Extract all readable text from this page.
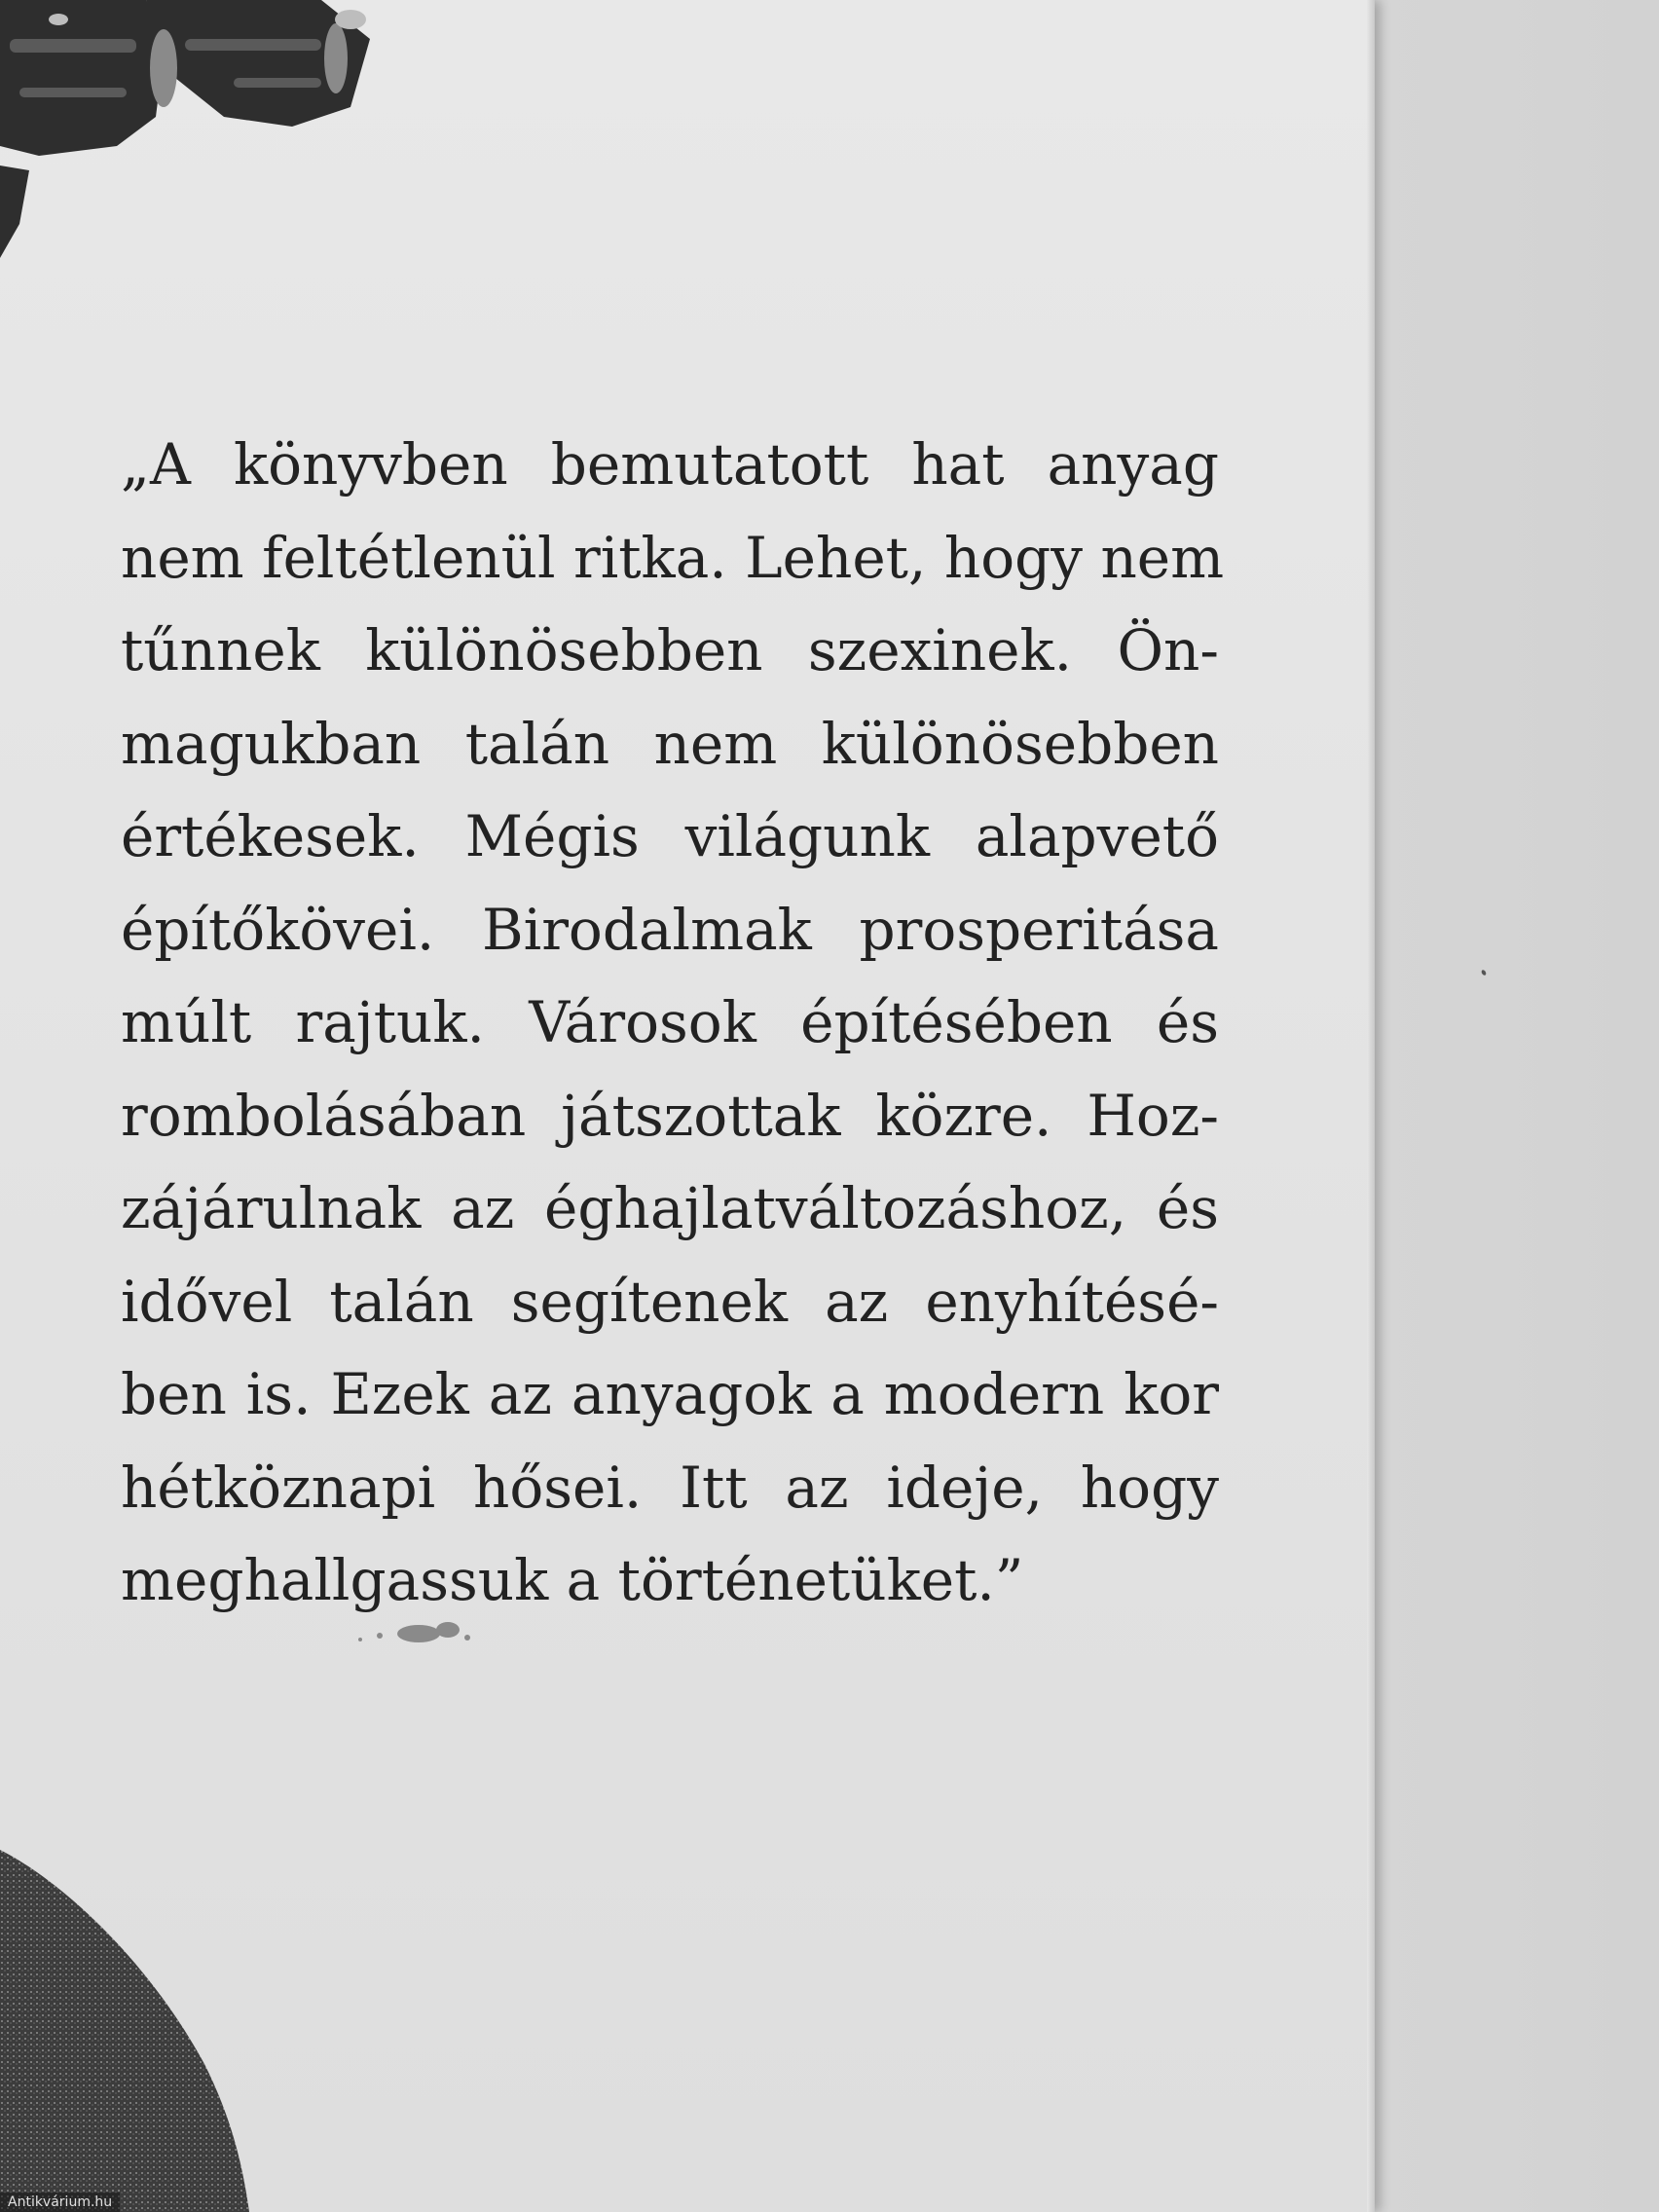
„A könyvben bemutatott hat anyag
nem feltétlenül ritka. Lehet, hogy nem
tűnnek különösebben szexinek. Ön-
magukban talán nem különösebben
értékesek. Mégis világunk alapvető
építőkövei. Birodalmak prosperitása
múlt rajtuk. Városok építésében és
rombolásában játszottak közre. Hoz-
zájárulnak az éghajlatváltozáshoz, és
idővel talán segítenek az enyhítésé-
ben is. Ezek az anyagok a modern kor
hétköznapi hősei. Itt az ideje, hogy
meghallgassuk a történetüket.”
Antikvárium.hu
